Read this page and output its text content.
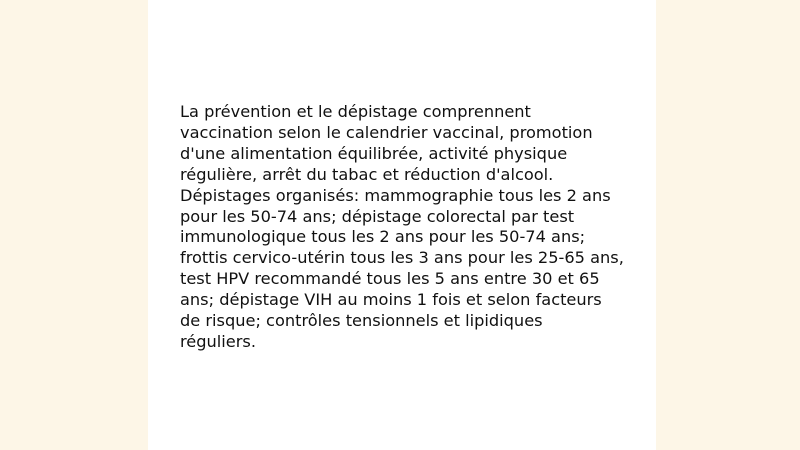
La prévention et le dépistage comprennent
vaccination selon le calendrier vaccinal, promotion
d'une alimentation équilibrée, activité physique
régulière, arrêt du tabac et réduction d'alcool.
Dépistages organisés: mammographie tous les 2 ans
pour les 50-74 ans; dépistage colorectal par test
immunologique tous les 2 ans pour les 50-74 ans;
frottis cervico-utérin tous les 3 ans pour les 25-65 ans,
test HPV recommandé tous les 5 ans entre 30 et 65
ans; dépistage VIH au moins 1 fois et selon facteurs
de risque; contrôles tensionnels et lipidiques
réguliers.
